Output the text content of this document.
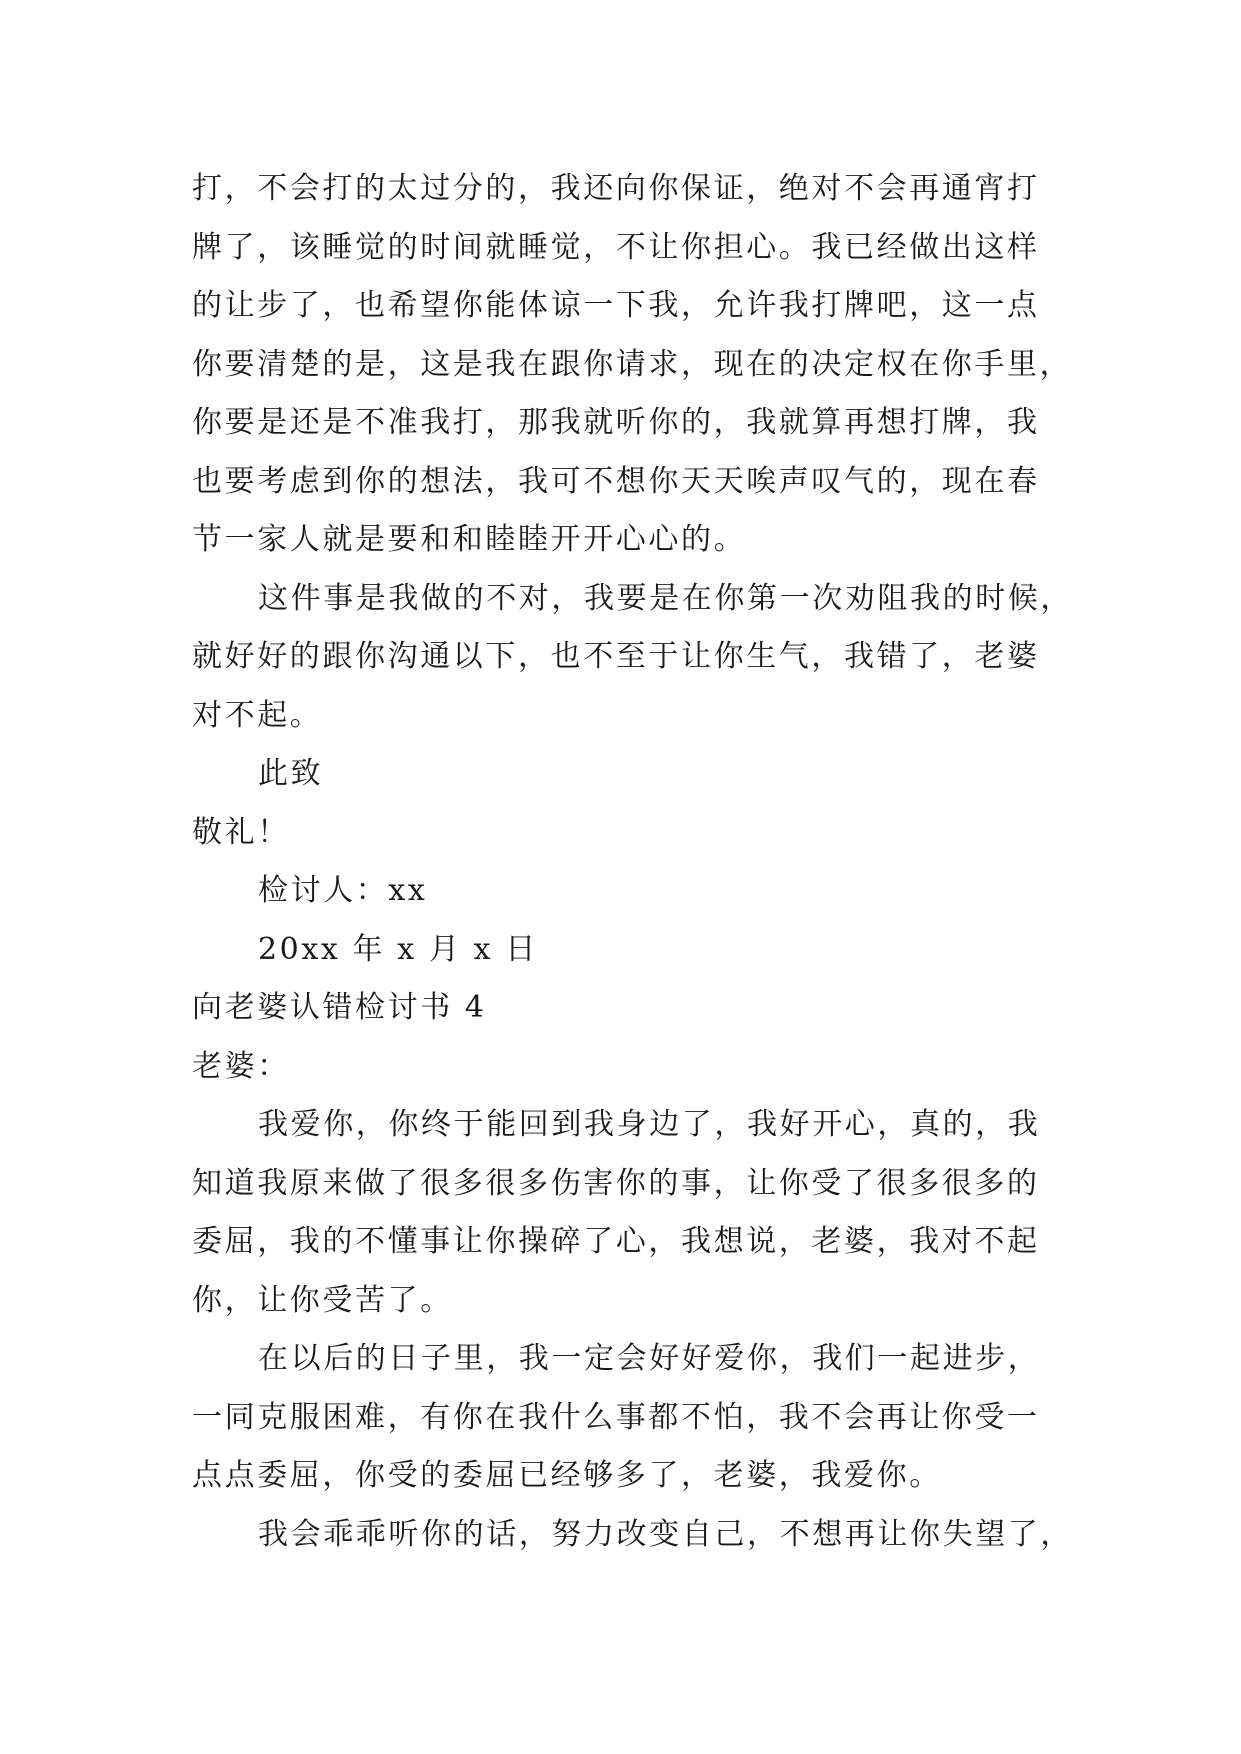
打，不会打的太过分的，我还向你保证，绝对不会再通宵打
牌了，该睡觉的时间就睡觉，不让你担心。我已经做出这样
的让步了，也希望你能体谅一下我，允许我打牌吧，这一点
你要清楚的是，这是我在跟你请求，现在的决定权在你手里，
你要是还是不准我打，那我就听你的，我就算再想打牌，我
也要考虑到你的想法，我可不想你天天唉声叹气的，现在春
节一家人就是要和和睦睦开开心心的。
这件事是我做的不对，我要是在你第一次劝阻我的时候，
就好好的跟你沟通以下，也不至于让你生气，我错了，老婆
对不起。
此致
敬礼！
检讨人：xx
20xx 年 x 月 x 日
向老婆认错检讨书 4
老婆：
我爱你，你终于能回到我身边了，我好开心，真的，我
知道我原来做了很多很多伤害你的事，让你受了很多很多的
委屈，我的不懂事让你操碎了心，我想说，老婆，我对不起
你，让你受苦了。
在以后的日子里，我一定会好好爱你，我们一起进步，
一同克服困难，有你在我什么事都不怕，我不会再让你受一
点点委屈，你受的委屈已经够多了，老婆，我爱你。
我会乖乖听你的话，努力改变自己，不想再让你失望了，
